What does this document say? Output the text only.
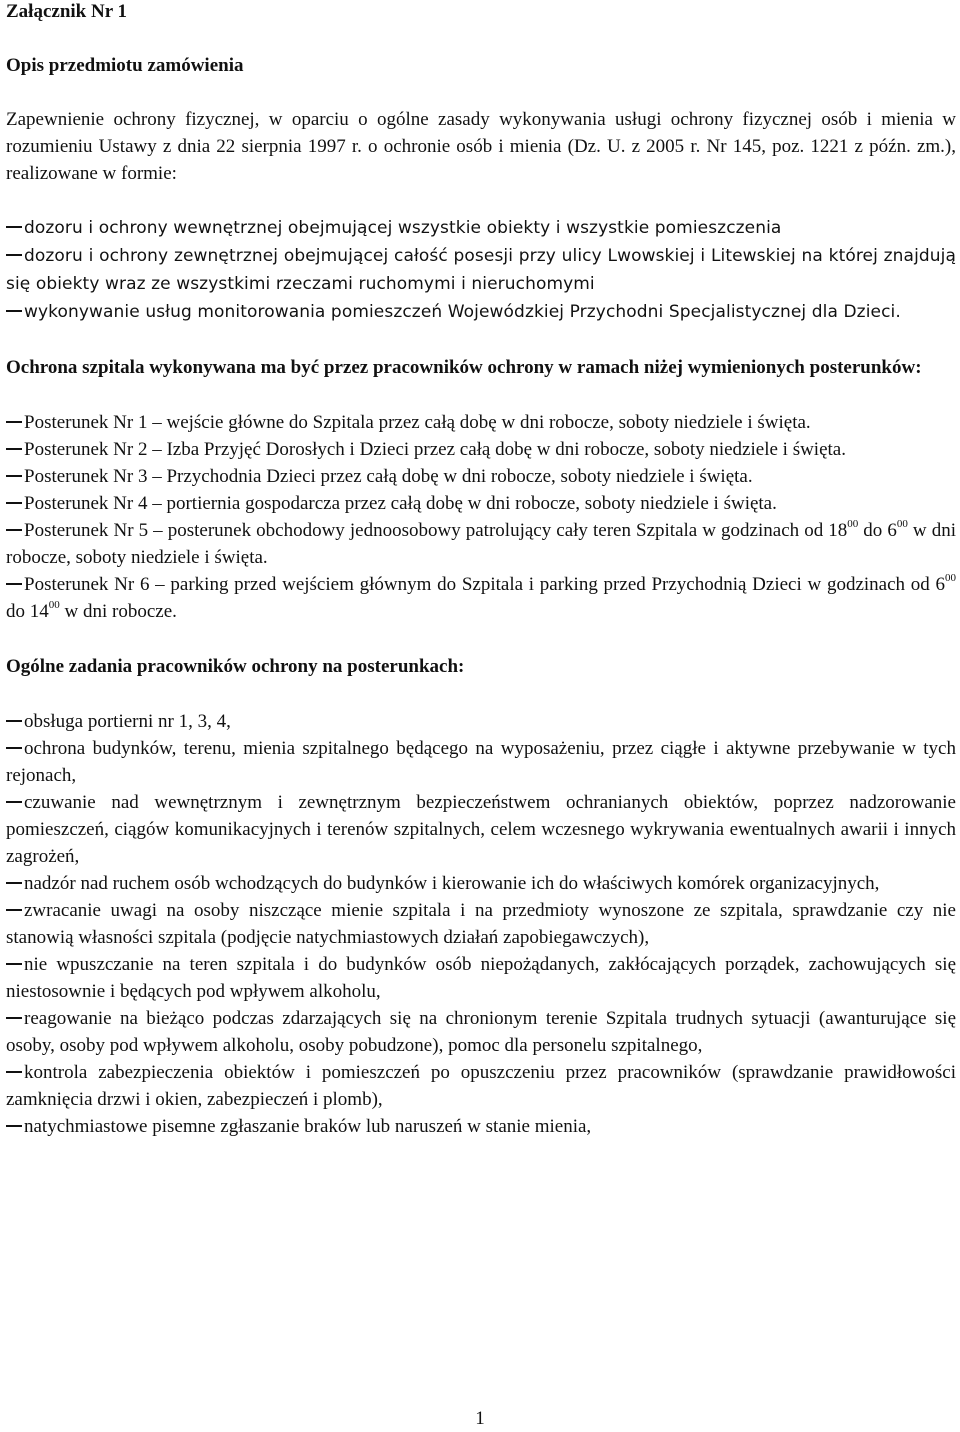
Załącznik Nr 1

Opis przedmiotu zamówienia

Zapewnienie ochrony fizycznej, w oparciu o ogólne zasady wykonywania usługi ochrony fizycznej osób i mienia w rozumieniu Ustawy z dnia 22 sierpnia 1997 r. o ochronie osób i mienia (Dz. U. z 2005 r. Nr 145, poz. 1221 z późn. zm.), realizowane w formie:

dozoru i ochrony wewnętrznej obejmującej wszystkie obiekty i wszystkie pomieszczenia

dozoru i ochrony zewnętrznej obejmującej całość posesji przy ulicy Lwowskiej i Litewskiej na której znajdują się obiekty wraz ze wszystkimi rzeczami ruchomymi i nieruchomymi

wykonywanie usług monitorowania pomieszczeń Wojewódzkiej Przychodni Specjalistycznej dla Dzieci.

Ochrona szpitala wykonywana ma być przez pracowników ochrony w ramach niżej wymienionych posterunków:

Posterunek Nr 1 – wejście główne do Szpitala przez całą dobę w dni robocze, soboty niedziele i święta.

Posterunek Nr 2 – Izba Przyjęć Dorosłych i Dzieci przez całą dobę w dni robocze, soboty niedziele i święta.

Posterunek Nr 3 – Przychodnia Dzieci przez całą dobę w dni robocze, soboty niedziele i święta.

Posterunek Nr 4 – portiernia gospodarcza przez całą dobę w dni robocze, soboty niedziele i święta.

Posterunek Nr 5 – posterunek obchodowy jednoosobowy patrolujący cały teren Szpitala w godzinach od $18^{00}$ do $6^{00}$ w dni robocze, soboty niedziele i święta.

Posterunek Nr 6 – parking przed wejściem głównym do Szpitala i parking przed Przychodnią Dzieci w godzinach od $6^{00}$ do $14^{00}$ w dni robocze.

Ogólne zadania pracowników ochrony na posterunkach:

obsługa portierni nr 1, 3, 4,

ochrona budynków, terenu, mienia szpitalnego będącego na wyposażeniu, przez ciągłe i aktywne przebywanie w tych rejonach,

czuwanie nad wewnętrznym i zewnętrznym bezpieczeństwem ochranianych obiektów, poprzez nadzorowanie pomieszczeń, ciągów komunikacyjnych i terenów szpitalnych, celem wczesnego wykrywania ewentualnych awarii i innych zagrożeń,

nadzór nad ruchem osób wchodzących do budynków i kierowanie ich do właściwych komórek organizacyjnych,

zwracanie uwagi na osoby niszczące mienie szpitala i na przedmioty wynoszone ze szpitala, sprawdzanie czy nie stanowią własności szpitala (podjęcie natychmiastowych działań zapobiegawczych),

nie wpuszczanie na teren szpitala i do budynków osób niepożądanych, zakłócających porządek, zachowujących się niestosownie i będących pod wpływem alkoholu,

reagowanie na bieżąco podczas zdarzających się na chronionym terenie Szpitala trudnych sytuacji (awanturujące się osoby, osoby pod wpływem alkoholu, osoby pobudzone), pomoc dla personelu szpitalnego,

kontrola zabezpieczenia obiektów i pomieszczeń po opuszczeniu przez pracowników (sprawdzanie prawidłowości zamknięcia drzwi i okien, zabezpieczeń i plomb),

natychmiastowe pisemne zgłaszanie braków lub naruszeń w stanie mienia,

1
